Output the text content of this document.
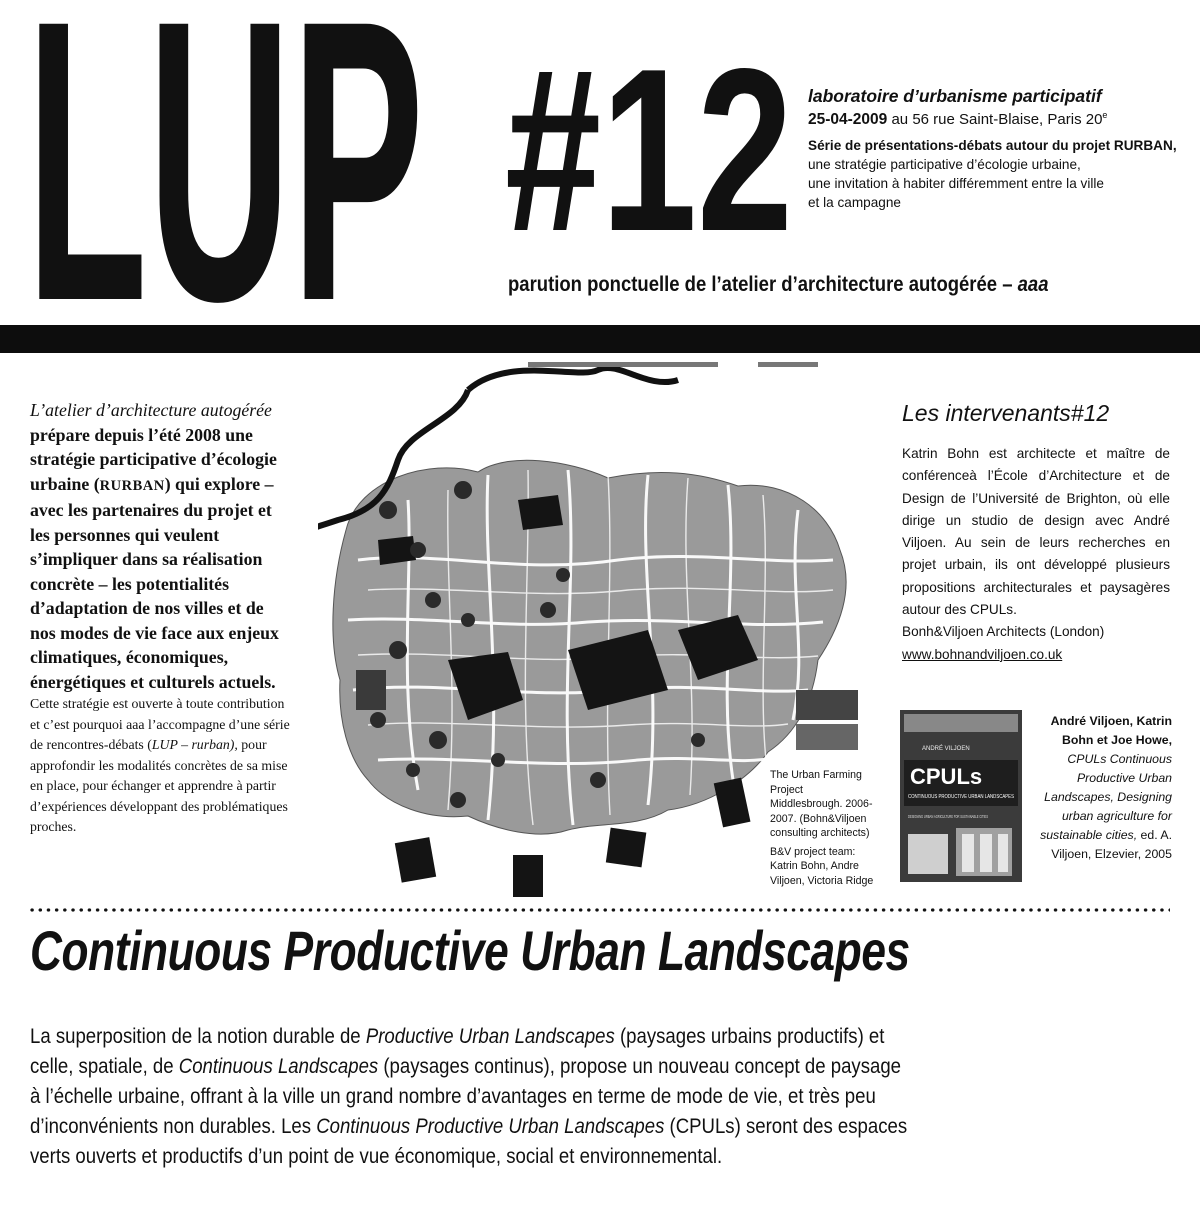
LUP #12 laboratoire d’urbanisme participatif
25-04-2009 au 56 rue Saint-Blaise, Paris 20e
Série de présentations-débats autour du projet RURBAN,
une stratégie participative d’écologie urbaine,
une invitation à habiter différemment entre la ville
et la campagne
parution ponctuelle de l’atelier d’architecture autogérée – aaa

L’atelier d’architecture autogérée prépare depuis l’été 2008 une stratégie participative d’écologie urbaine (RURBAN) qui explore – avec les partenaires du projet et les personnes qui veulent s’impliquer dans sa réalisation concrète – les potentialités d’adaptation de nos villes et de nos modes de vie face aux enjeux climatiques, économiques, énergétiques et culturels actuels.

Cette stratégie est ouverte à toute contribution et c’est pourquoi aaa l’accompagne d’une série de rencontres-débats (LUP – rurban), pour approfondir les modalités concrètes de sa mise en place, pour échanger et apprendre à partir d’expériences développant des problématiques proches.

The Urban Farming Project Middlesbrough. 2006-2007. (Bohn&Viljoen consulting architects)
B&V project team: Katrin Bohn, Andre Viljoen, Victoria Ridge
Les intervenants#12
Katrin Bohn est architecte et maître de conférenceà l’École d’Architecture et de Design de l’Université de Brighton, où elle dirige un studio de design avec André Viljoen. Au sein de leurs recherches en projet urbain, ils ont développé plusieurs propositions architecturales et paysagères autour des CPULs.
Bonh&Viljoen Architects (London)
www.bohnandviljoen.co.uk
ANDRÉ VILJOEN
CPULs
CONTINUOUS PRODUCTIVE URBAN LANDSCAPES
DESIGNING URBAN AGRICULTURE FOR SUSTAINABLE CITIES
André Viljoen, Katrin Bohn et Joe Howe, CPULs Continuous Productive Urban Landscapes, Designing urban agriculture for sustainable cities, ed. A. Viljoen, Elzevier, 2005
Continuous Productive Urban Landscapes

La superposition de la notion durable de Productive Urban Landscapes (paysages urbains productifs) et

celle, spatiale, de Continuous Landscapes (paysages continus), propose un nouveau concept de paysage

à l’échelle urbaine, offrant à la ville un grand nombre d’avantages en terme de mode de vie, et très peu

d’inconvénients non durables. Les Continuous Productive Urban Landscapes (CPULs) seront des espaces

verts ouverts et productifs d’un point de vue économique, social et environnemental.
